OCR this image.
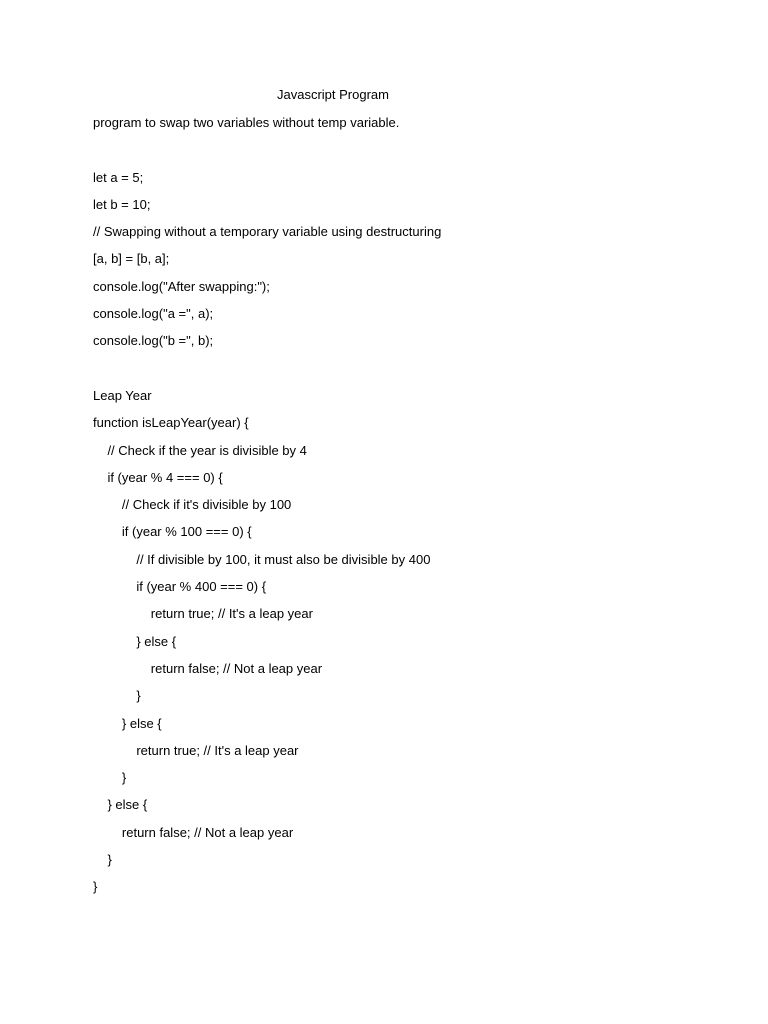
Javascript Program
program to swap two variables without temp variable.
let a = 5;
let b = 10;
// Swapping without a temporary variable using destructuring
[a, b] = [b, a];
console.log("After swapping:");
console.log("a =", a);
console.log("b =", b);
Leap Year
function isLeapYear(year) {
// Check if the year is divisible by 4
if (year % 4 === 0) {
// Check if it's divisible by 100
if (year % 100 === 0) {
// If divisible by 100, it must also be divisible by 400
if (year % 400 === 0) {
return true; // It's a leap year
} else {
return false; // Not a leap year
}
} else {
return true; // It's a leap year
}
} else {
return false; // Not a leap year
}
}
